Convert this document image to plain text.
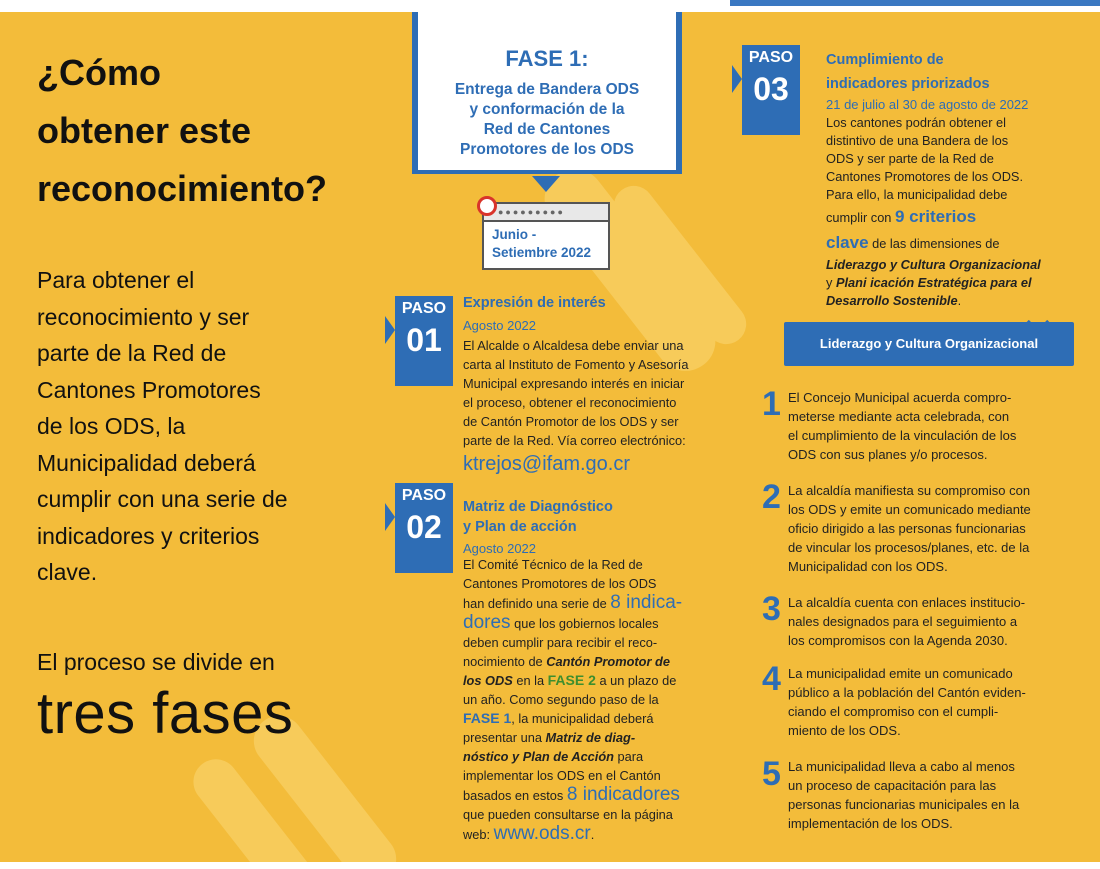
¿Cómo
obtener este
reconocimiento?
Para obtener el
reconocimiento y ser
parte de la Red de
Cantones Promotores
de los ODS, la
Municipalidad deberá
cumplir con una serie de
indicadores y criterios
clave.
El proceso se divide en
tres fases
FASE 1:
Entrega de Bandera ODS
y conformación de la
Red de Cantones
Promotores de los ODS
●●●●●●●●●
Junio -
Setiembre 2022
PASO
01
Expresión de interés
Agosto 2022
El Alcalde o Alcaldesa debe enviar una
carta al Instituto de Fomento y Asesoría
Municipal expresando interés en iniciar
el proceso, obtener el reconocimiento
de Cantón Promotor de los ODS y ser
parte de la Red. Vía correo electrónico:
ktrejos@ifam.go.cr
PASO
02
Matriz de Diagnóstico
y Plan de acción
Agosto 2022
El Comité Técnico de la Red de
Cantones Promotores de los ODS
han definido una serie de 8 indica-
dores que los gobiernos locales
deben cumplir para recibir el reco-
nocimiento de Cantón Promotor de
los ODS en la FASE 2 a un plazo de
un año. Como segundo paso de la
FASE 1, la municipalidad deberá
presentar una Matriz de diag-
nóstico y Plan de Acción para
implementar los ODS en el Cantón
basados en estos 8 indicadores
que pueden consultarse en la página
web: www.ods.cr.
PASO
03
Cumplimiento de
indicadores priorizados
21 de julio al 30 de agosto de 2022
Los cantones podrán obtener el
distintivo de una Bandera de los
ODS y ser parte de la Red de
Cantones Promotores de los ODS.
Para ello, la municipalidad debe
cumplir con 9 criterios
clave de las dimensiones de
Liderazgo y Cultura Organizacional
y Plani icación Estratégica para el
Desarrollo Sostenible.
Liderazgo y Cultura Organizacional
1 El Concejo Municipal acuerda compro-
meterse mediante acta celebrada, con
el cumplimiento de la vinculación de los
ODS con sus planes y/o procesos.
2 La alcaldía manifiesta su compromiso con
los ODS y emite un comunicado mediante
oficio dirigido a las personas funcionarias
de vincular los procesos/planes, etc. de la
Municipalidad con los ODS.
3 La alcaldía cuenta con enlaces institucio-
nales designados para el seguimiento a
los compromisos con la Agenda 2030.
4 La municipalidad emite un comunicado
público a la población del Cantón eviden-
ciando el compromiso con el cumpli-
miento de los ODS.
5 La municipalidad lleva a cabo al menos
un proceso de capacitación para las
personas funcionarias municipales en la
implementación de los ODS.
